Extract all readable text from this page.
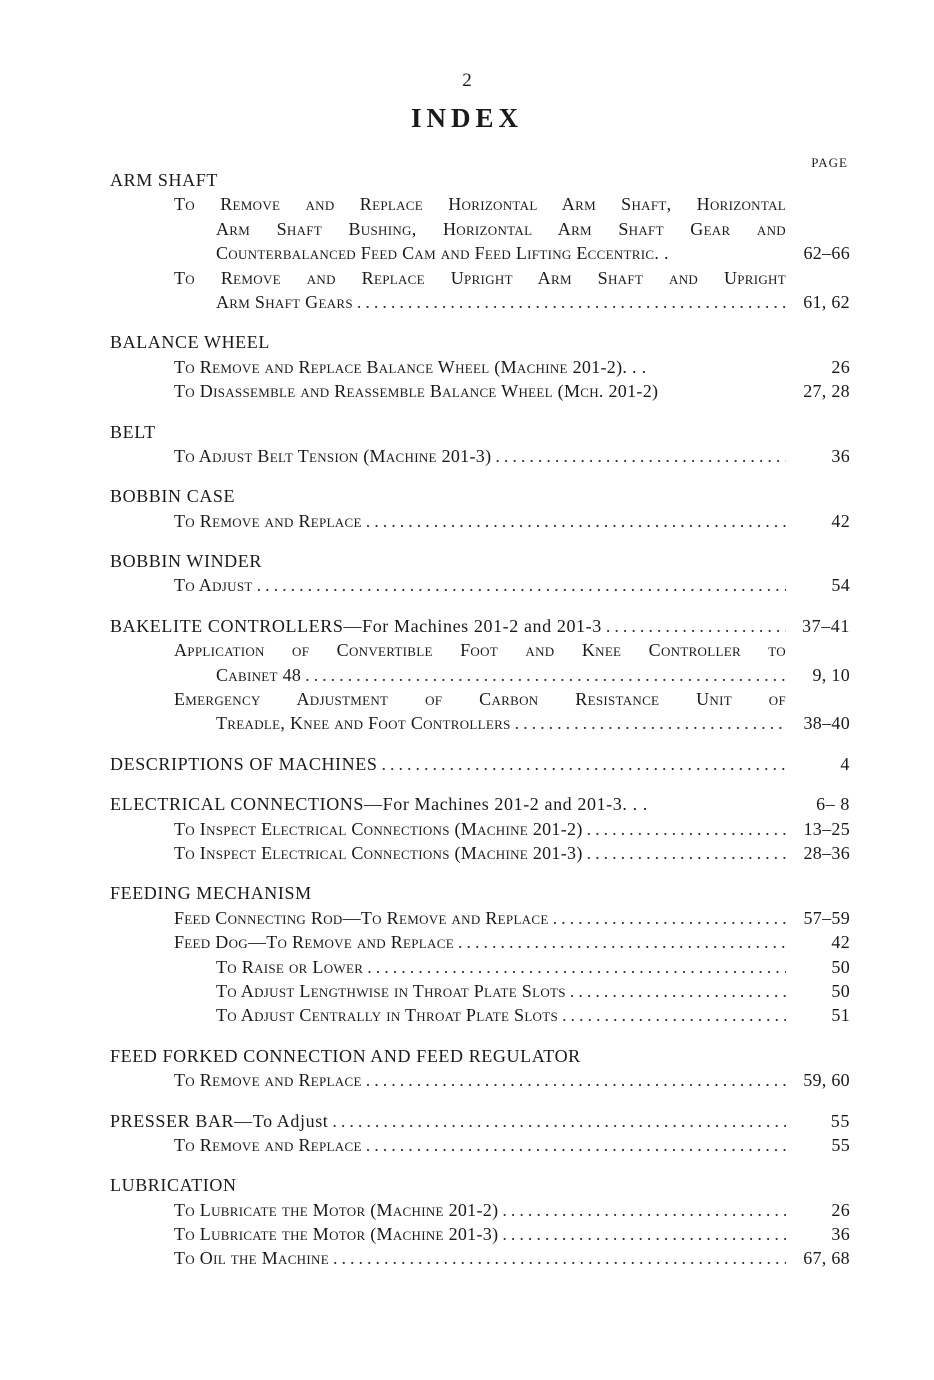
2
INDEX
PAGE
ARM SHAFT
To Remove and Replace Horizontal Arm Shaft, Horizontal
Arm Shaft Bushing, Horizontal Arm Shaft Gear and
Counterbalanced Feed Cam and Feed Lifting Eccentric. .	62–66
To Remove and Replace Upright Arm Shaft and Upright
Arm Shaft Gears .....	61, 62
BALANCE WHEEL
To Remove and Replace Balance Wheel (Machine 201-2). . .	26
To Disassemble and Reassemble Balance Wheel (Mch. 201-2)	27, 28
BELT
To Adjust Belt Tension (Machine 201-3) .....	36
BOBBIN CASE
To Remove and Replace .....	42
BOBBIN WINDER
To Adjust .....	54
BAKELITE CONTROLLERS—For Machines 201-2 and 201-3 .....	37–41
Application of Convertible Foot and Knee Controller to
Cabinet 48 .....	9, 10
Emergency Adjustment of Carbon Resistance Unit of
Treadle, Knee and Foot Controllers .....	38–40
DESCRIPTIONS OF MACHINES .....	4
ELECTRICAL CONNECTIONS—For Machines 201-2 and 201-3. . .	6– 8
To Inspect Electrical Connections (Machine 201-2) .....	13–25
To Inspect Electrical Connections (Machine 201-3) .....	28–36
FEEDING MECHANISM
Feed Connecting Rod—To Remove and Replace .....	57–59
Feed Dog—To Remove and Replace .....	42
To Raise or Lower .....	50
To Adjust Lengthwise in Throat Plate Slots .....	50
To Adjust Centrally in Throat Plate Slots .....	51
FEED FORKED CONNECTION AND FEED REGULATOR
To Remove and Replace .....	59, 60
PRESSER BAR—To Adjust .....	55
To Remove and Replace .....	55
LUBRICATION
To Lubricate the Motor (Machine 201-2) .....	26
To Lubricate the Motor (Machine 201-3) .....	36
To Oil the Machine .....	67, 68
